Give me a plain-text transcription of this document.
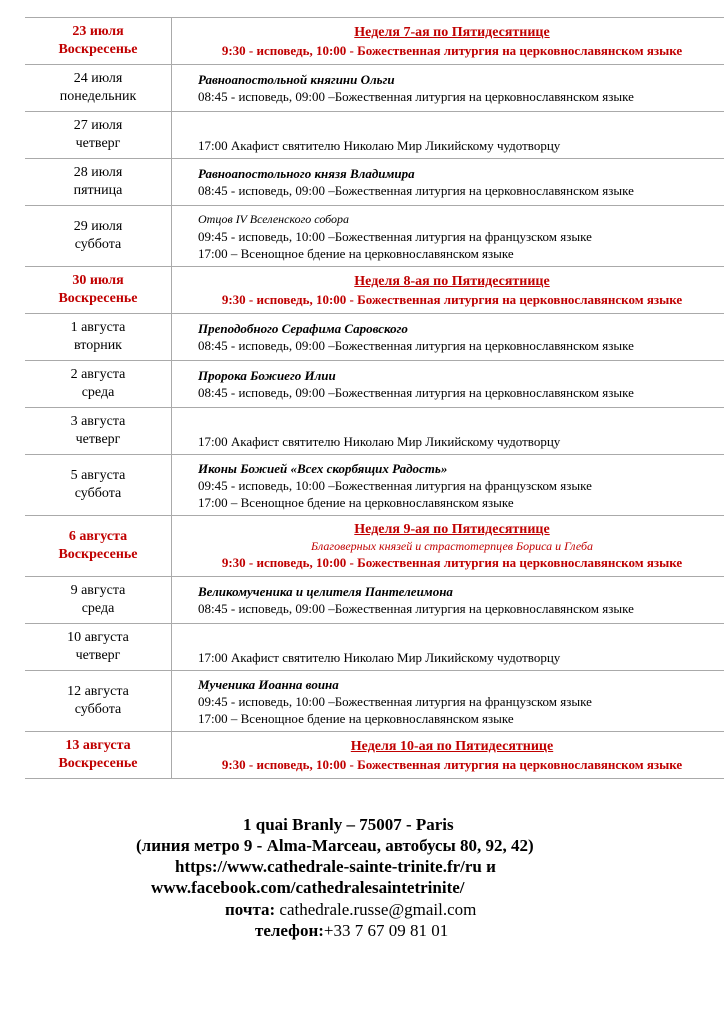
23 июля
Воскресенье	Неделя 7-ая по Пятидесятнице
9:30 - исповедь, 10:00 - Божественная литургия на церковнославянском языке

24 июля
понедельник	Равноапостольной княгини Ольги
08:45 - исповедь, 09:00 –Божественная литургия на церковнославянском языке

27 июля
четверг	17:00 Акафист святителю Николаю Мир Ликийскому чудотворцу

28 июля
пятница	Равноапостольного князя Владимира
08:45 - исповедь, 09:00 –Божественная литургия на церковнославянском языке

29 июля
суббота	Отцов IV Вселенского собора
09:45 - исповедь, 10:00 –Божественная литургия на французском языке
17:00 – Всенощное бдение на церковнославянском языке

30 июля
Воскресенье	Неделя 8-ая по Пятидесятнице
9:30 - исповедь, 10:00 - Божественная литургия на церковнославянском языке

1 августа
вторник	Преподобного Серафима Саровского
08:45 - исповедь, 09:00 –Божественная литургия на церковнославянском языке

2 августа
среда	Пророка Божиего Илии
08:45 - исповедь, 09:00 –Божественная литургия на церковнославянском языке

3 августа
четверг	17:00 Акафист святителю Николаю Мир Ликийскому чудотворцу

5 августа
суббота	Иконы Божией «Всех скорбящих Радость»
09:45 - исповедь, 10:00 –Божественная литургия на французском языке
17:00 – Всенощное бдение на церковнославянском языке

6 августа
Воскресенье	Неделя 9-ая по Пятидесятнице
Благоверных князей и страстотерпцев Бориса и Глеба
9:30 - исповедь, 10:00 - Божественная литургия на церковнославянском языке

9 августа
среда	Великомученика и целителя Пантелеимона
08:45 - исповедь, 09:00 –Божественная литургия на церковнославянском языке

10 августа
четверг	17:00 Акафист святителю Николаю Мир Ликийскому чудотворцу

12 августа
суббота	Мученика Иоанна воина
09:45 - исповедь, 10:00 –Божественная литургия на французском языке
17:00 – Всенощное бдение на церковнославянском языке

13 августа
Воскресенье	Неделя 10-ая по Пятидесятнице
9:30 - исповедь, 10:00 - Божественная литургия на церковнославянском языке
1 quai Branly – 75007 - Paris
(линия метро 9 - Alma-Marceau, автобусы 80, 92, 42)
https://www.cathedrale-sainte-trinite.fr/ru и
www.facebook.com/cathedralesaintetrinite/
почта: cathedrale.russe@gmail.com
телефон:+33 7 67 09 81 01
